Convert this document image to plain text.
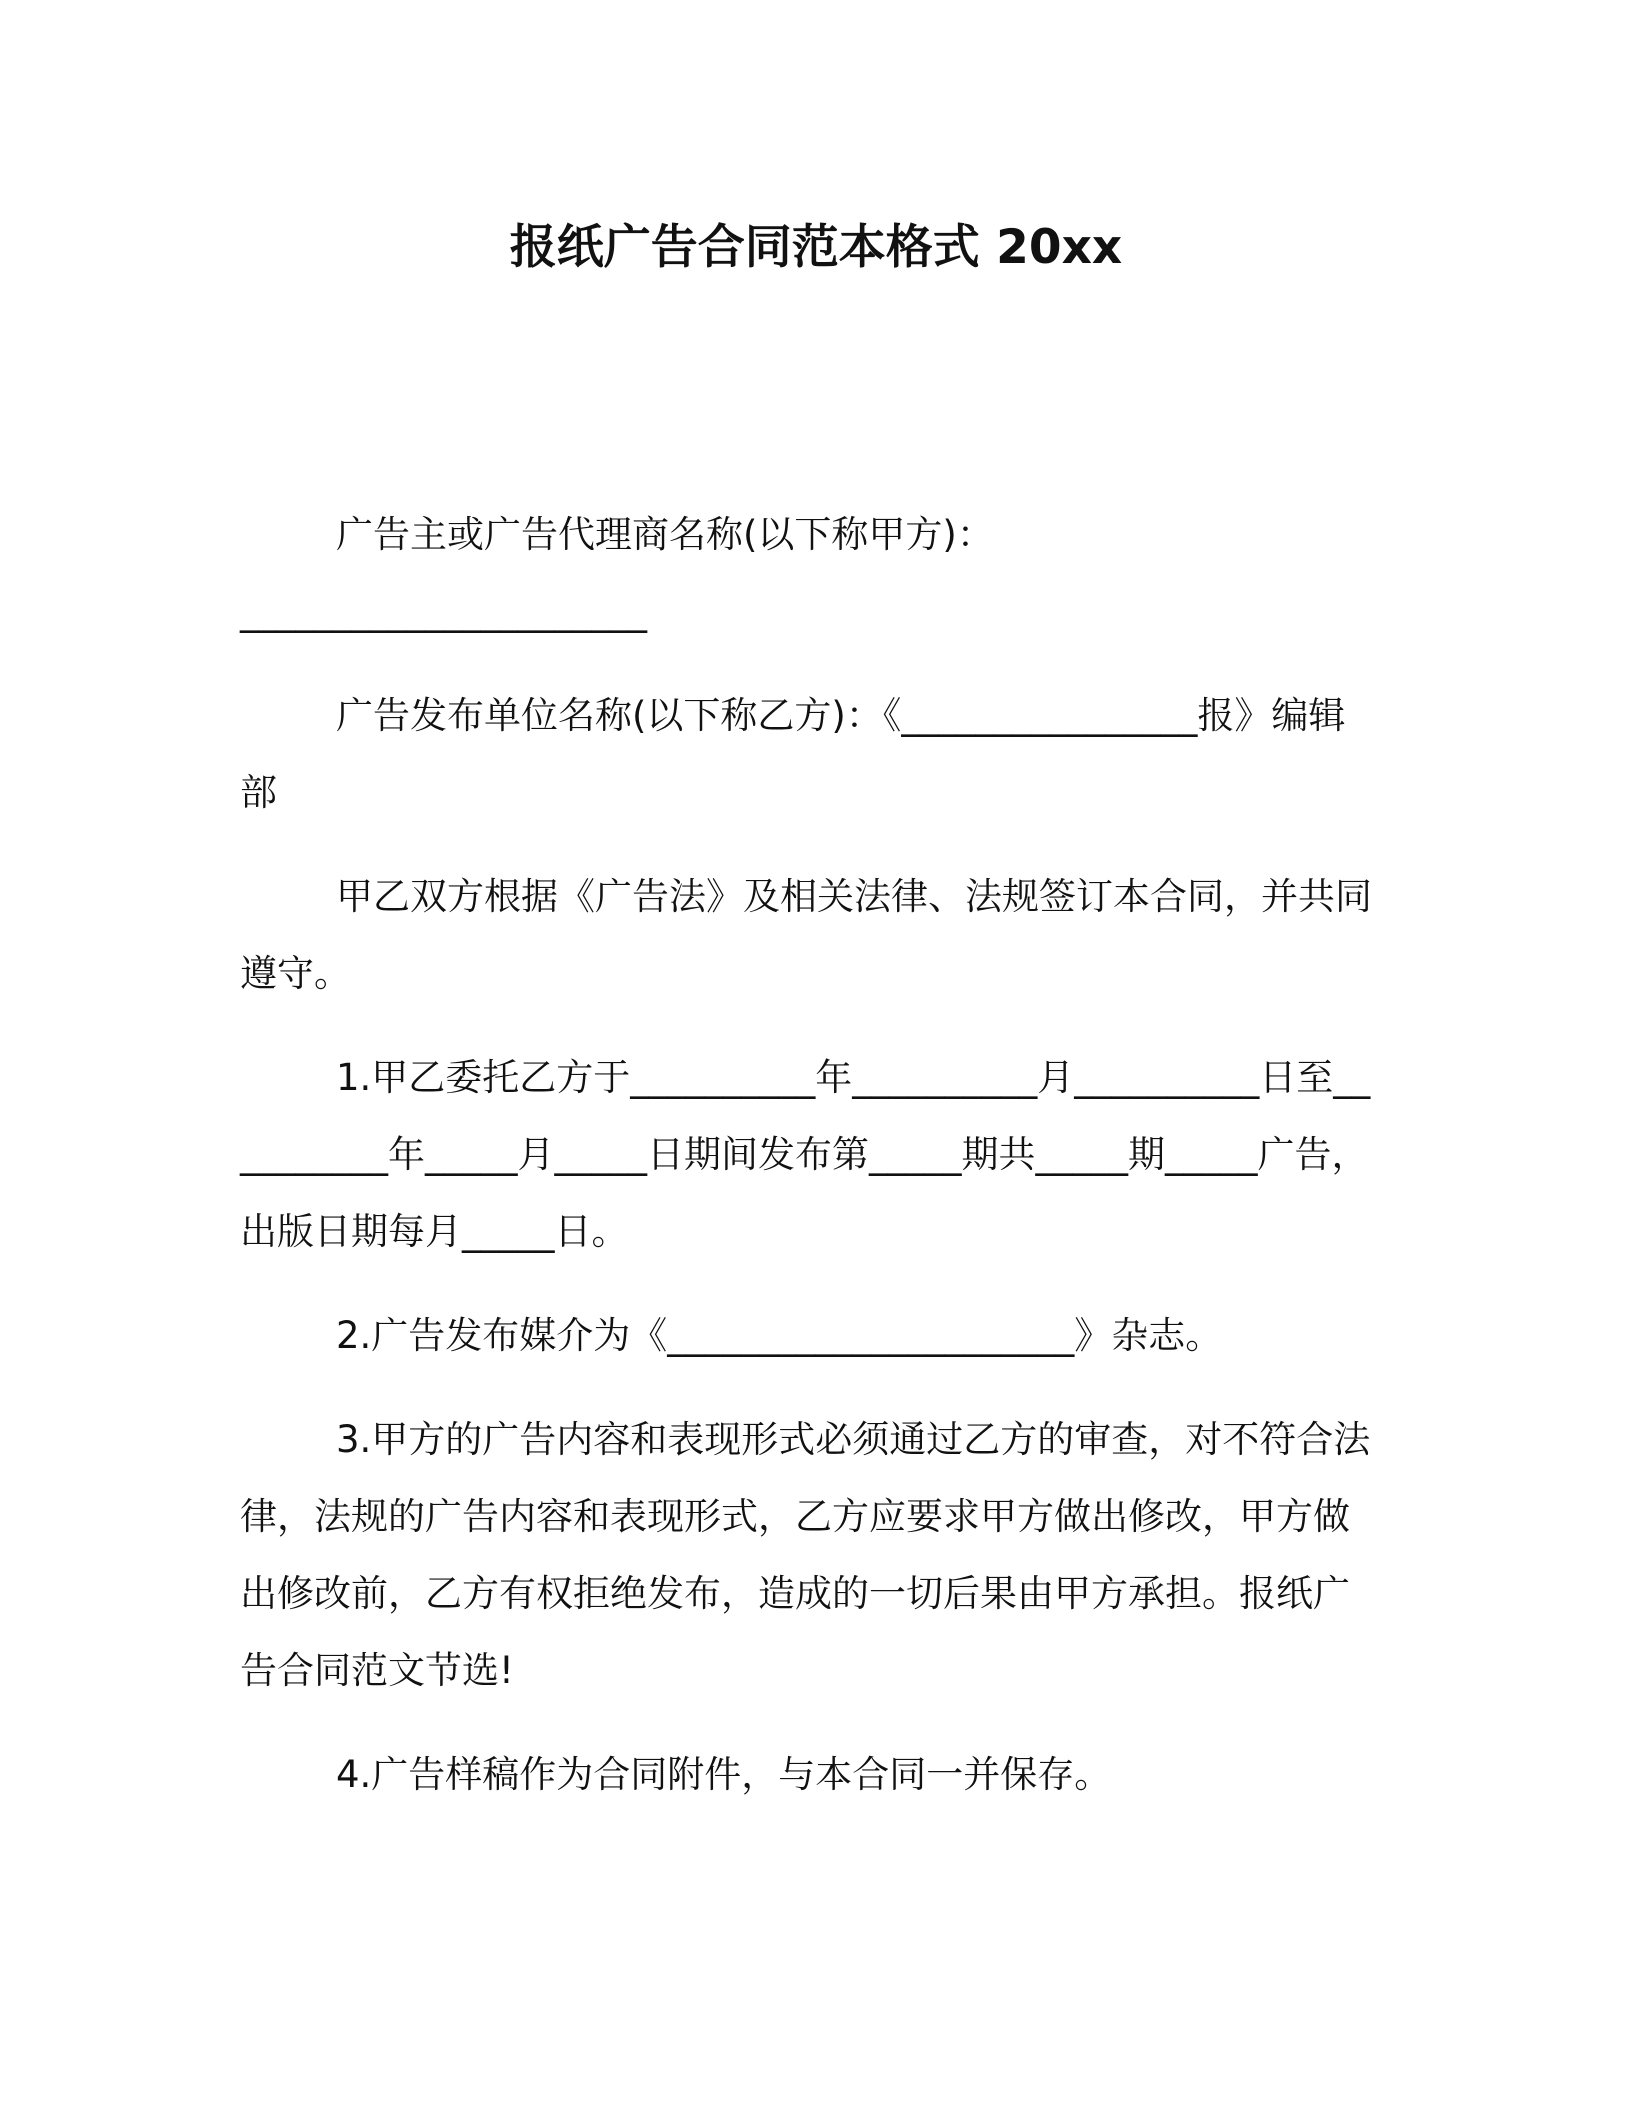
报纸广告合同范本格式 20xx

广告主或广告代理商名称(以下称甲方)：

______________________

广告发布单位名称(以下称乙方)：《________________报》编辑部

甲乙双方根据《广告法》及相关法律、法规签订本合同，并共同遵守。

1.甲乙委托乙方于__________年__________月__________日至__________年_____月_____日期间发布第_____期共_____期_____广告，出版日期每月_____日。

2.广告发布媒介为《______________________》杂志。

3.甲方的广告内容和表现形式必须通过乙方的审查，对不符合法律，法规的广告内容和表现形式，乙方应要求甲方做出修改，甲方做出修改前，乙方有权拒绝发布，造成的一切后果由甲方承担。报纸广告合同范文节选!

4.广告样稿作为合同附件，与本合同一并保存。
